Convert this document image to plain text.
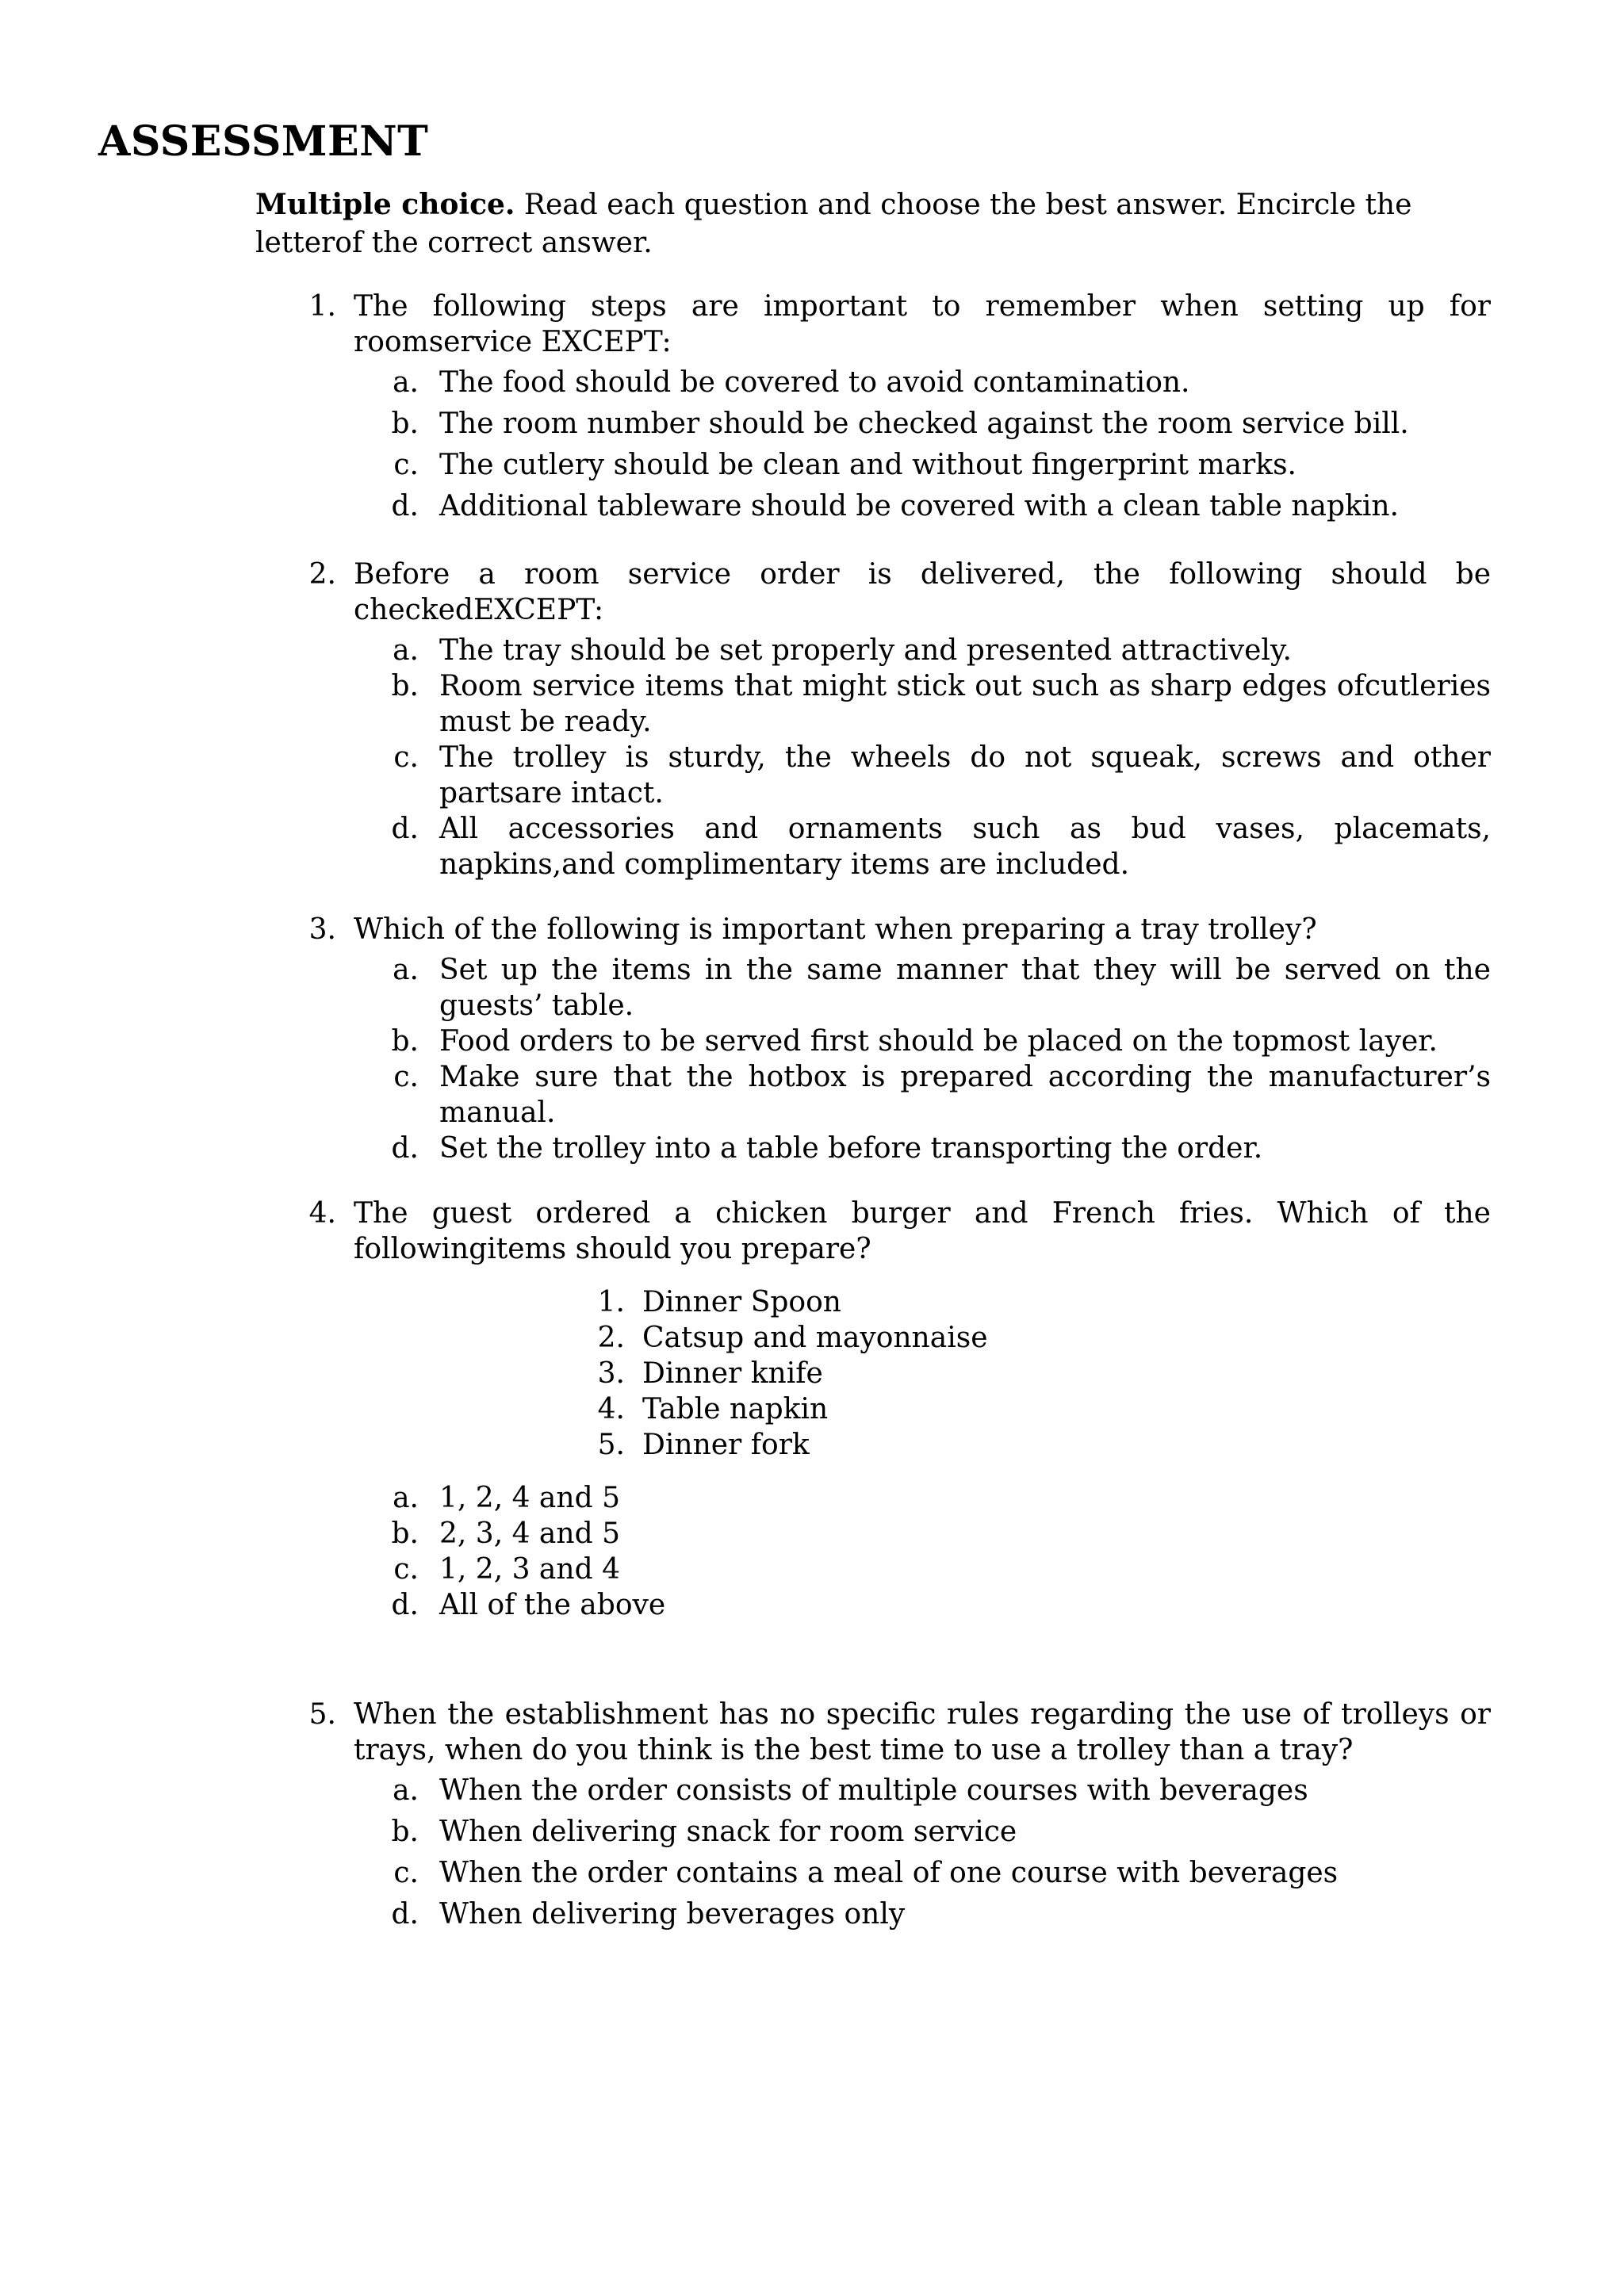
ASSESSMENT
Multiple choice. Read each question and choose the best answer. Encircle the letterof the correct answer.
1. The following steps are important to remember when setting up for roomservice EXCEPT:
a. The food should be covered to avoid contamination.
b. The room number should be checked against the room service bill.
c. The cutlery should be clean and without fingerprint marks.
d. Additional tableware should be covered with a clean table napkin.
2. Before a room service order is delivered, the following should be checkedEXCEPT:
a. The tray should be set properly and presented attractively.
b. Room service items that might stick out such as sharp edges ofcutleries must be ready.
c. The trolley is sturdy, the wheels do not squeak, screws and other partsare intact.
d. All accessories and ornaments such as bud vases, placemats, napkins,and complimentary items are included.
3. Which of the following is important when preparing a tray trolley?
a. Set up the items in the same manner that they will be served on the guests’ table.
b. Food orders to be served first should be placed on the topmost layer.
c. Make sure that the hotbox is prepared according the manufacturer’s manual.
d. Set the trolley into a table before transporting the order.
4. The guest ordered a chicken burger and French fries. Which of the followingitems should you prepare?
1. Dinner Spoon
2. Catsup and mayonnaise
3. Dinner knife
4. Table napkin
5. Dinner fork
a. 1, 2, 4 and 5
b. 2, 3, 4 and 5
c. 1, 2, 3 and 4
d. All of the above
5. When the establishment has no specific rules regarding the use of trolleys or trays, when do you think is the best time to use a trolley than a tray?
a. When the order consists of multiple courses with beverages
b. When delivering snack for room service
c. When the order contains a meal of one course with beverages
d. When delivering beverages only
